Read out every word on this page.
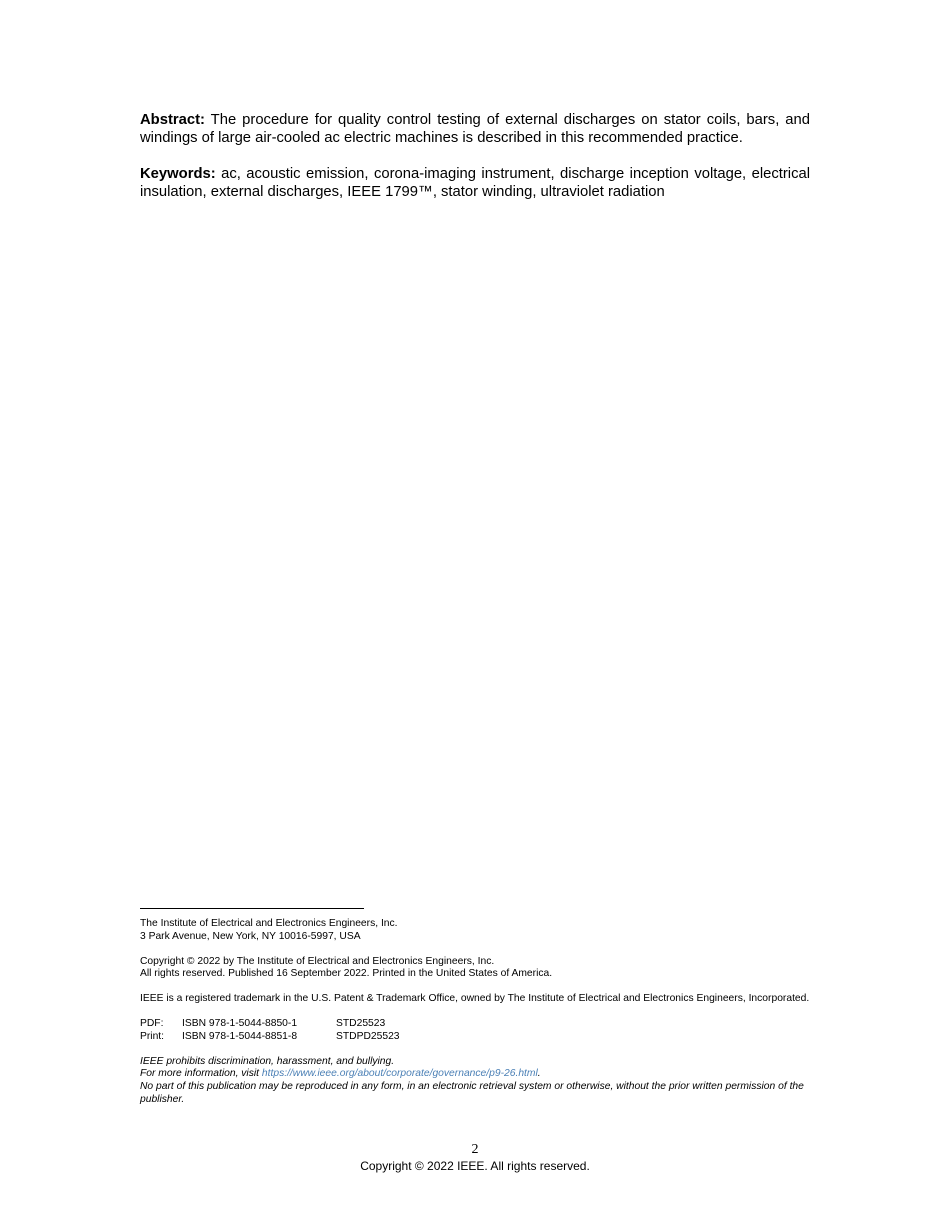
Abstract: The procedure for quality control testing of external discharges on stator coils, bars, and windings of large air-cooled ac electric machines is described in this recommended practice.

Keywords: ac, acoustic emission, corona-imaging instrument, discharge inception voltage, electrical insulation, external discharges, IEEE 1799™, stator winding, ultraviolet radiation

The Institute of Electrical and Electronics Engineers, Inc.

3 Park Avenue, New York, NY 10016-5997, USA

Copyright © 2022 by The Institute of Electrical and Electronics Engineers, Inc.

All rights reserved. Published 16 September 2022. Printed in the United States of America.

IEEE is a registered trademark in the U.S. Patent & Trademark Office, owned by The Institute of Electrical and Electronics Engineers, Incorporated.

PDF:	ISBN 978-1-5044-8850-1	STD25523
Print:	ISBN 978-1-5044-8851-8	STDPD25523

IEEE prohibits discrimination, harassment, and bullying.

For more information, visit https://www.ieee.org/about/corporate/governance/p9-26.html.

No part of this publication may be reproduced in any form, in an electronic retrieval system or otherwise, without the prior written permission of the publisher.

2
Copyright © 2022 IEEE. All rights reserved.
